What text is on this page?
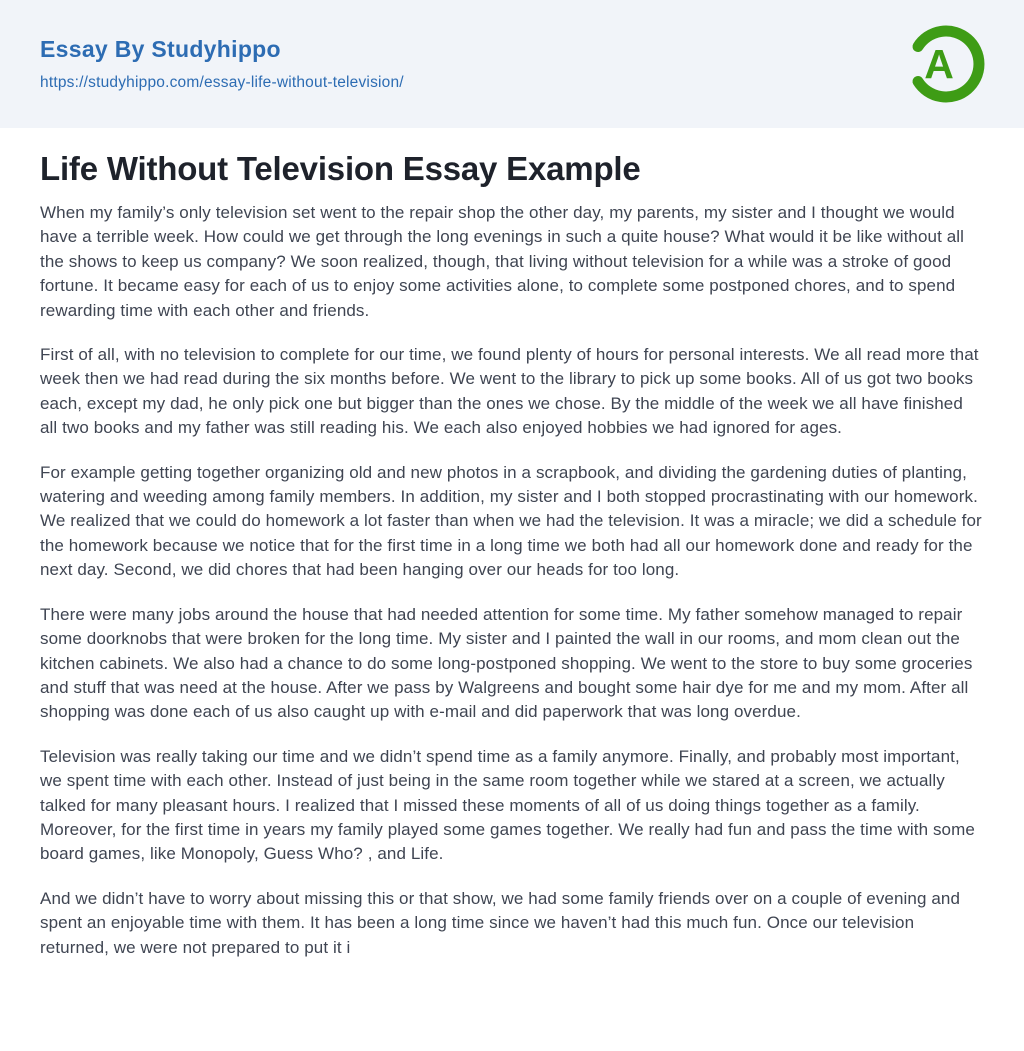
Essay By Studyhippo
https://studyhippo.com/essay-life-without-television/	A
Life Without Television Essay Example

When my family’s only television set went to the repair shop the other day, my parents, my sister and I thought we would have a terrible week. How could we get through the long evenings in such a quite house? What would it be like without all the shows to keep us company? We soon realized, though, that living without television for a while was a stroke of good fortune. It became easy for each of us to enjoy some activities alone, to complete some postponed chores, and to spend rewarding time with each other and friends.

First of all, with no television to complete for our time, we found plenty of hours for personal interests. We all read more that week then we had read during the six months before. We went to the library to pick up some books. All of us got two books each, except my dad, he only pick one but bigger than the ones we chose. By the middle of the week we all have finished all two books and my father was still reading his. We each also enjoyed hobbies we had ignored for ages.

For example getting together organizing old and new photos in a scrapbook, and dividing the gardening duties of planting, watering and weeding among family members. In addition, my sister and I both stopped procrastinating with our homework. We realized that we could do homework a lot faster than when we had the television. It was a miracle; we did a schedule for the homework because we notice that for the first time in a long time we both had all our homework done and ready for the next day. Second, we did chores that had been hanging over our heads for too long.

There were many jobs around the house that had needed attention for some time. My father somehow managed to repair some doorknobs that were broken for the long time. My sister and I painted the wall in our rooms, and mom clean out the kitchen cabinets. We also had a chance to do some long-postponed shopping. We went to the store to buy some groceries and stuff that was need at the house. After we pass by Walgreens and bought some hair dye for me and my mom. After all shopping was done each of us also caught up with e-mail and did paperwork that was long overdue.

Television was really taking our time and we didn’t spend time as a family anymore. Finally, and probably most important, we spent time with each other. Instead of just being in the same room together while we stared at a screen, we actually talked for many pleasant hours. I realized that I missed these moments of all of us doing things together as a family. Moreover, for the first time in years my family played some games together. We really had fun and pass the time with some board games, like Monopoly, Guess Who? , and Life.

And we didn’t have to worry about missing this or that show, we had some family friends over on a couple of evening and spent an enjoyable time with them. It has been a long time since we haven’t had this much fun. Once our television returned, we were not prepared to put it i
